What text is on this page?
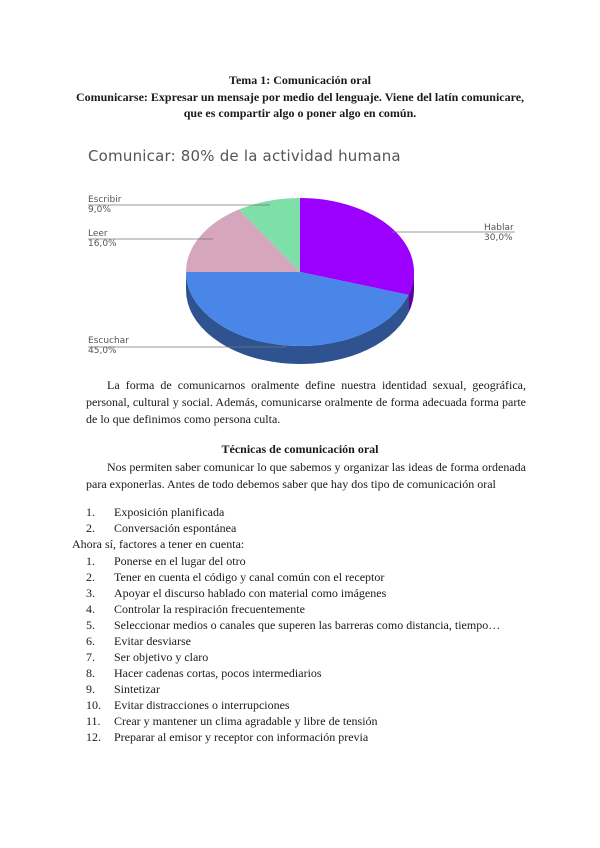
Tema 1: Comunicación oral
Comunicarse: Expresar un mensaje por medio del lenguaje. Viene del latín comunicare,
que es compartir algo o poner algo en común.
Comunicar: 80% de la actividad humana
Hablar
30,0%
Escuchar
45,0%
Leer
16,0%
Escribir
9,0%
La forma de comunicarnos oralmente define nuestra identidad sexual, geográfica, personal, cultural y social. Además, comunicarse oralmente de forma adecuada forma parte de lo que definimos como persona culta.
Técnicas de comunicación oral
Nos permiten saber comunicar lo que sabemos y organizar las ideas de forma ordenada para exponerlas. Antes de todo debemos saber que hay dos tipo de comunicación oral
1. Exposición planificada
2. Conversación espontánea
Ahora sí, factores a tener en cuenta:
1. Ponerse en el lugar del otro
2. Tener en cuenta el código y canal común con el receptor
3. Apoyar el discurso hablado con material como imágenes
4. Controlar la respiración frecuentemente
5. Seleccionar medios o canales que superen las barreras como distancia, tiempo…
6. Evitar desviarse
7. Ser objetivo y claro
8. Hacer cadenas cortas, pocos intermediarios
9. Sintetizar
10. Evitar distracciones o interrupciones
11. Crear y mantener un clima agradable y libre de tensión
12. Preparar al emisor y receptor con información previa
